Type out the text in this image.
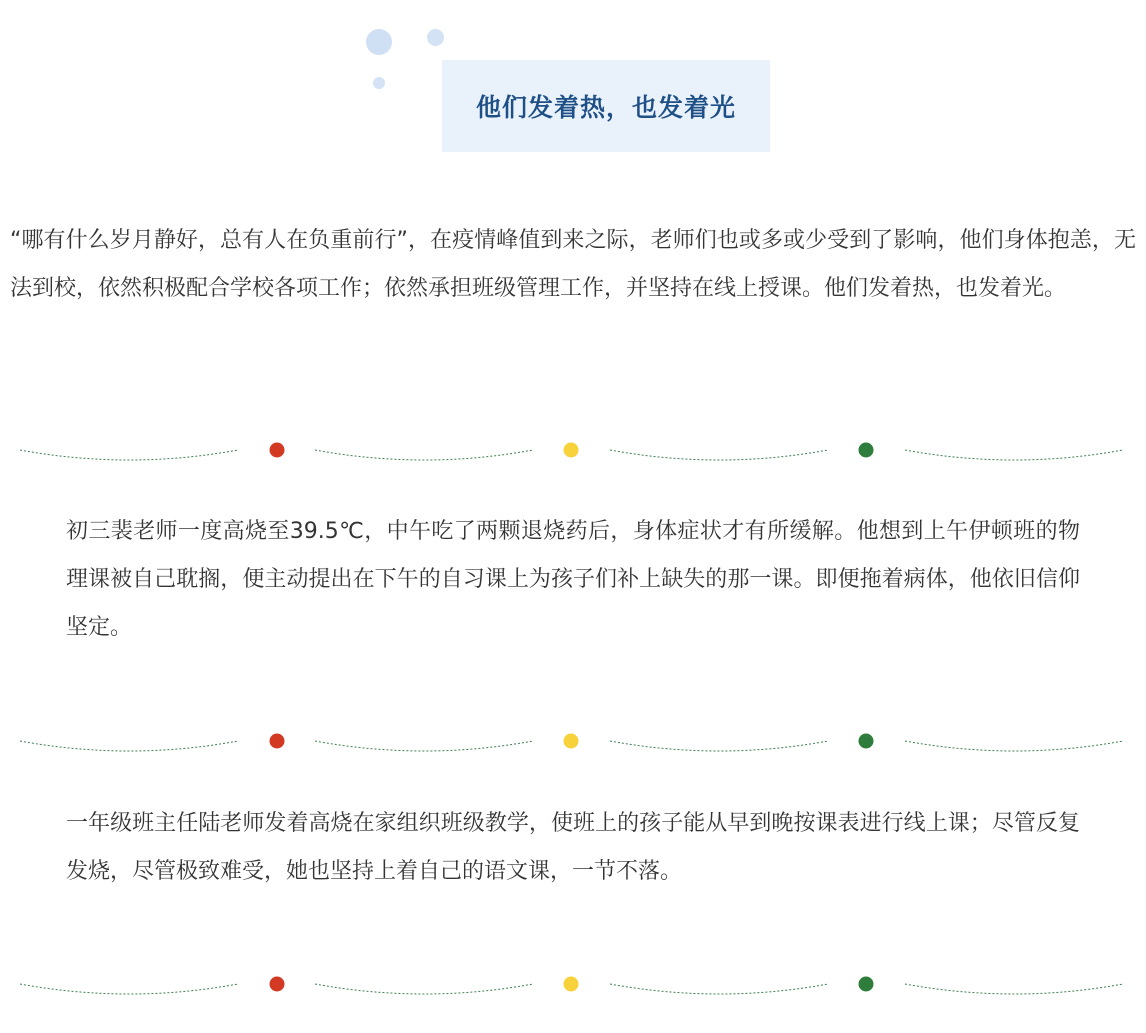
他们发着热，也发着光

“哪有什么岁月静好，总有人在负重前行”，在疫情峰值到来之际，老师们也或多或少受到了影响，他们身体抱恙，无法到校，依然积极配合学校各项工作；依然承担班级管理工作，并坚持在线上授课。他们发着热，也发着光。

初三裴老师一度高烧至39.5℃，中午吃了两颗退烧药后，身体症状才有所缓解。他想到上午伊顿班的物理课被自己耽搁，便主动提出在下午的自习课上为孩子们补上缺失的那一课。即便拖着病体，他依旧信仰坚定。

一年级班主任陆老师发着高烧在家组织班级教学，使班上的孩子能从早到晚按课表进行线上课；尽管反复发烧，尽管极致难受，她也坚持上着自己的语文课，一节不落。
